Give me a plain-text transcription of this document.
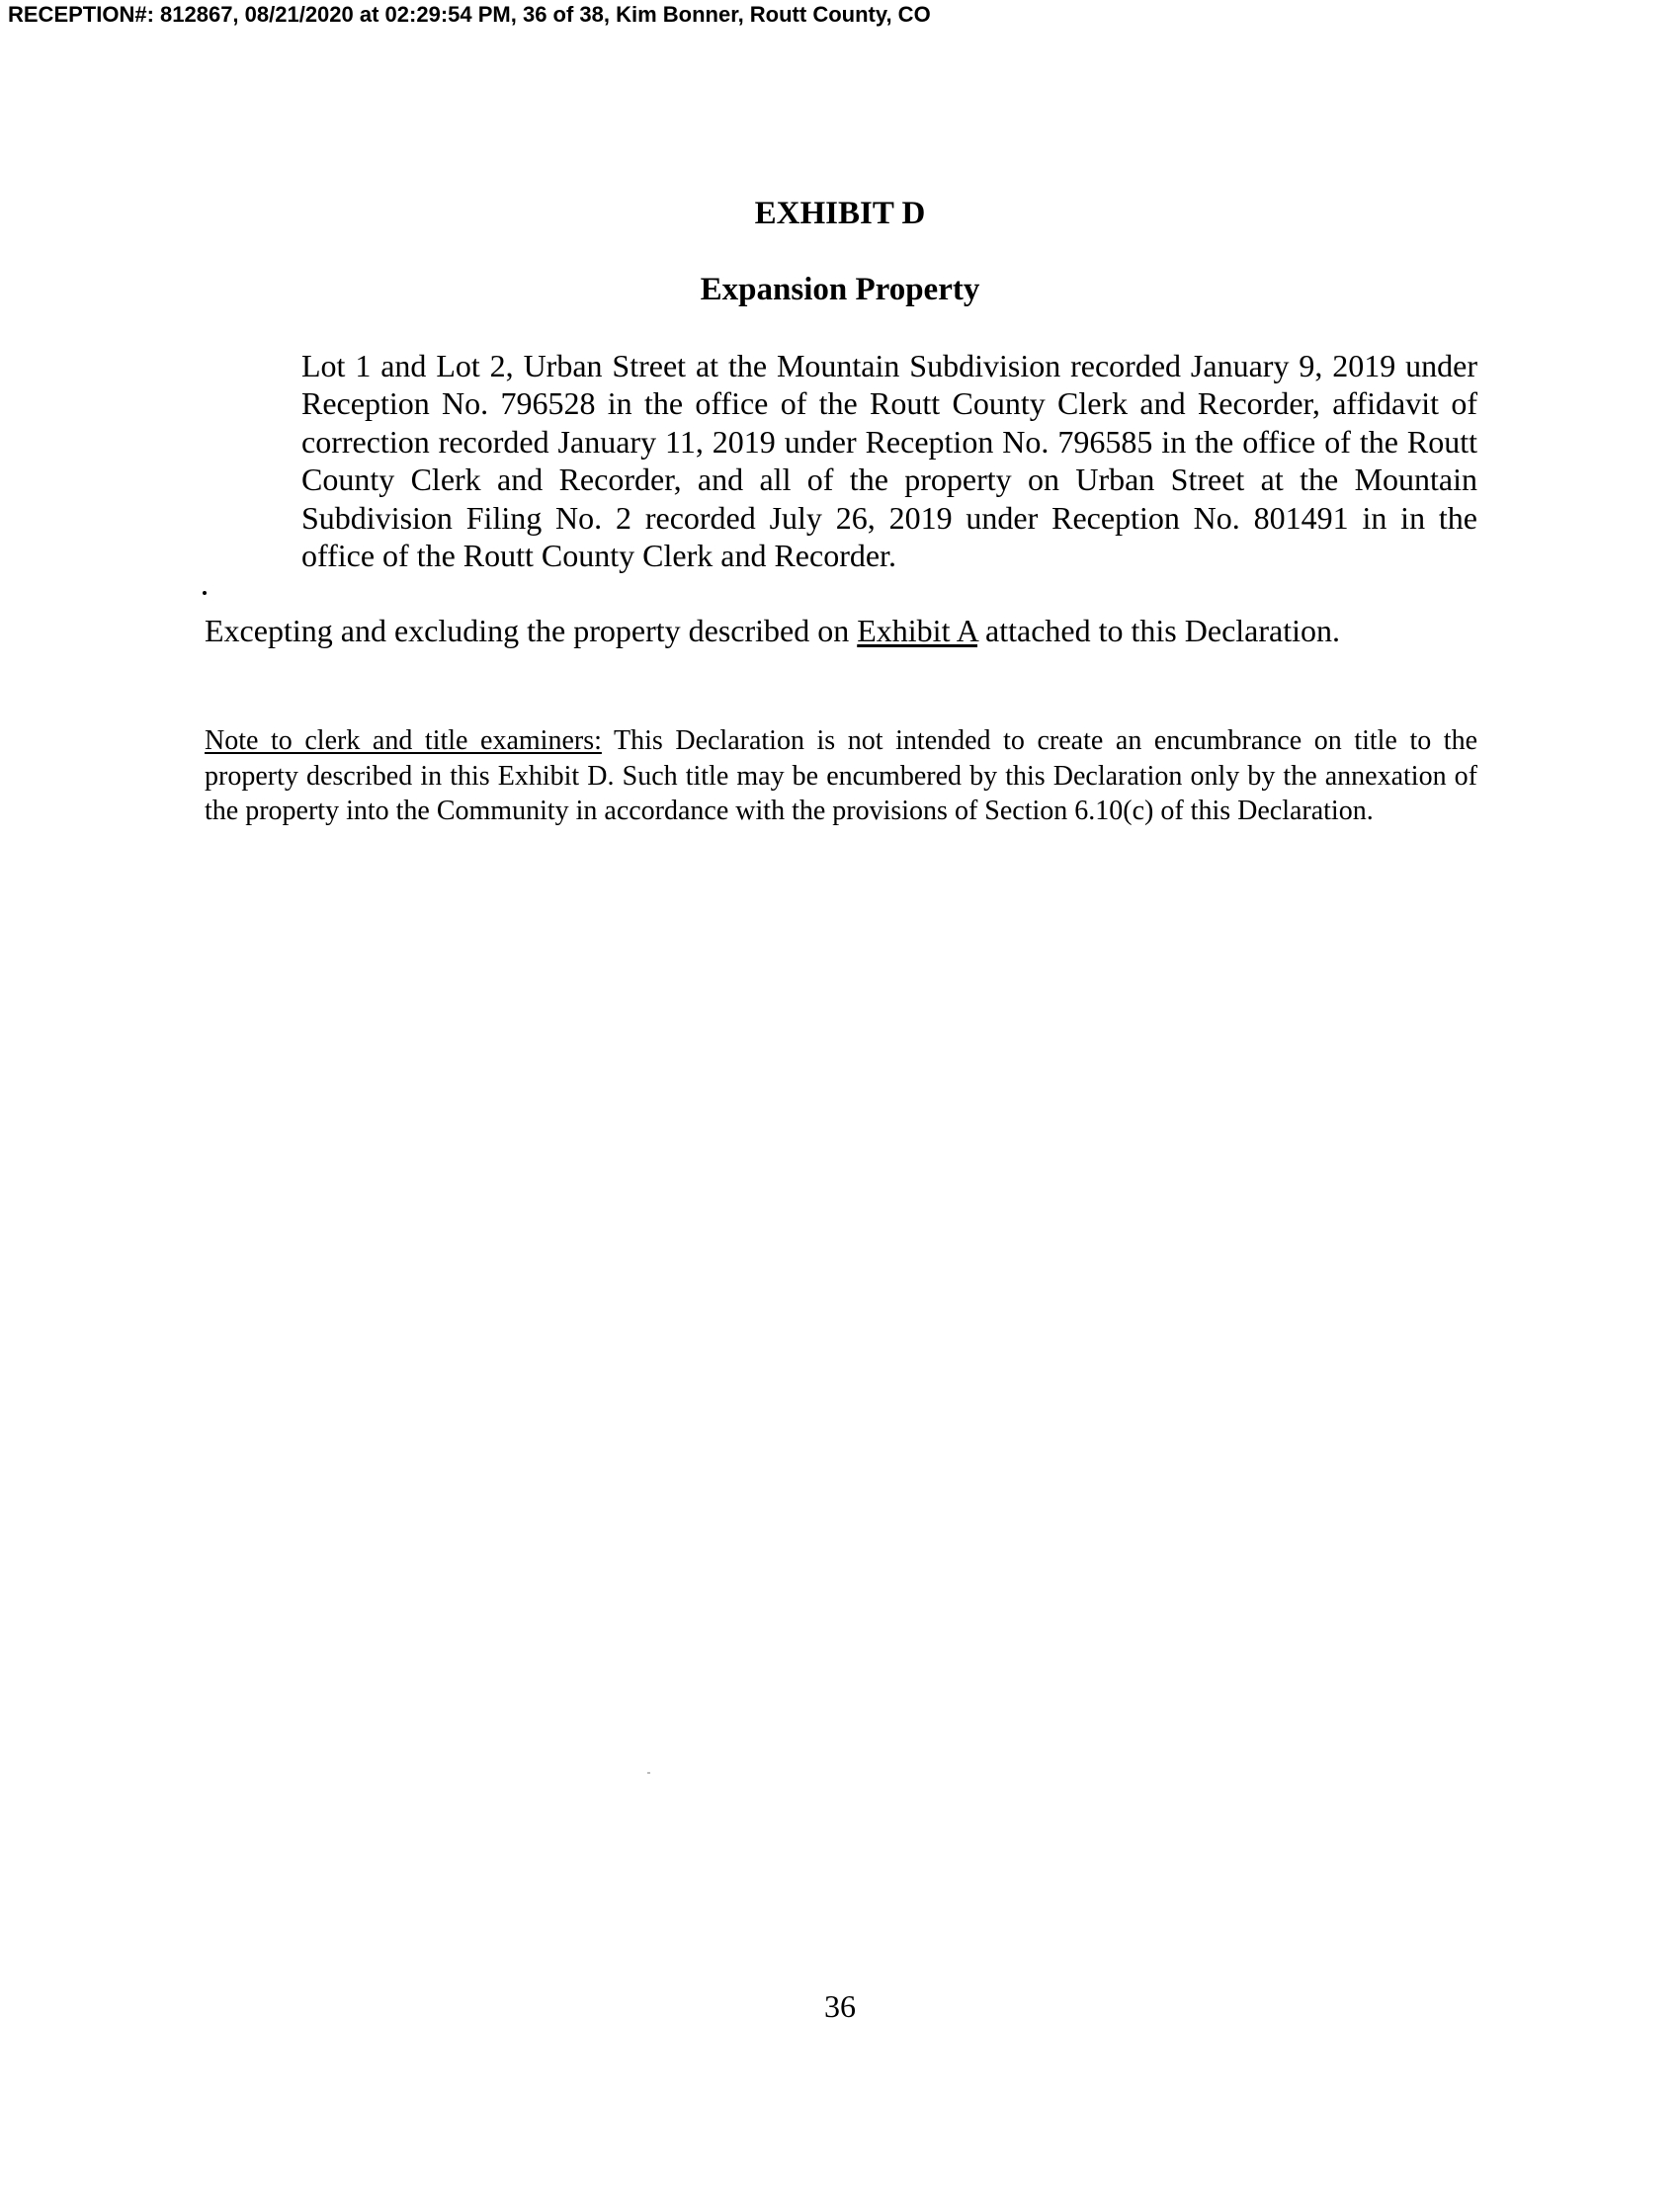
RECEPTION#: 812867, 08/21/2020 at 02:29:54 PM, 36 of 38, Kim Bonner, Routt County, CO
EXHIBIT D
Expansion Property

Lot 1 and Lot 2, Urban Street at the Mountain Subdivision recorded January 9, 2019 under Reception No. 796528 in the office of the Routt County Clerk and Recorder, affidavit of correction recorded January 11, 2019 under Reception No. 796585 in the office of the Routt County Clerk and Recorder, and all of the property on Urban Street at the Mountain Subdivision Filing No. 2 recorded July 26, 2019 under Reception No. 801491 in in the office of the Routt County Clerk and Recorder.

Excepting and excluding the property described on Exhibit A attached to this Declaration.

Note to clerk and title examiners: This Declaration is not intended to create an encumbrance on title to the property described in this Exhibit D. Such title may be encumbered by this Declaration only by the annexation of the property into the Community in accordance with the provisions of Section 6.10(c) of this Declaration.

36
